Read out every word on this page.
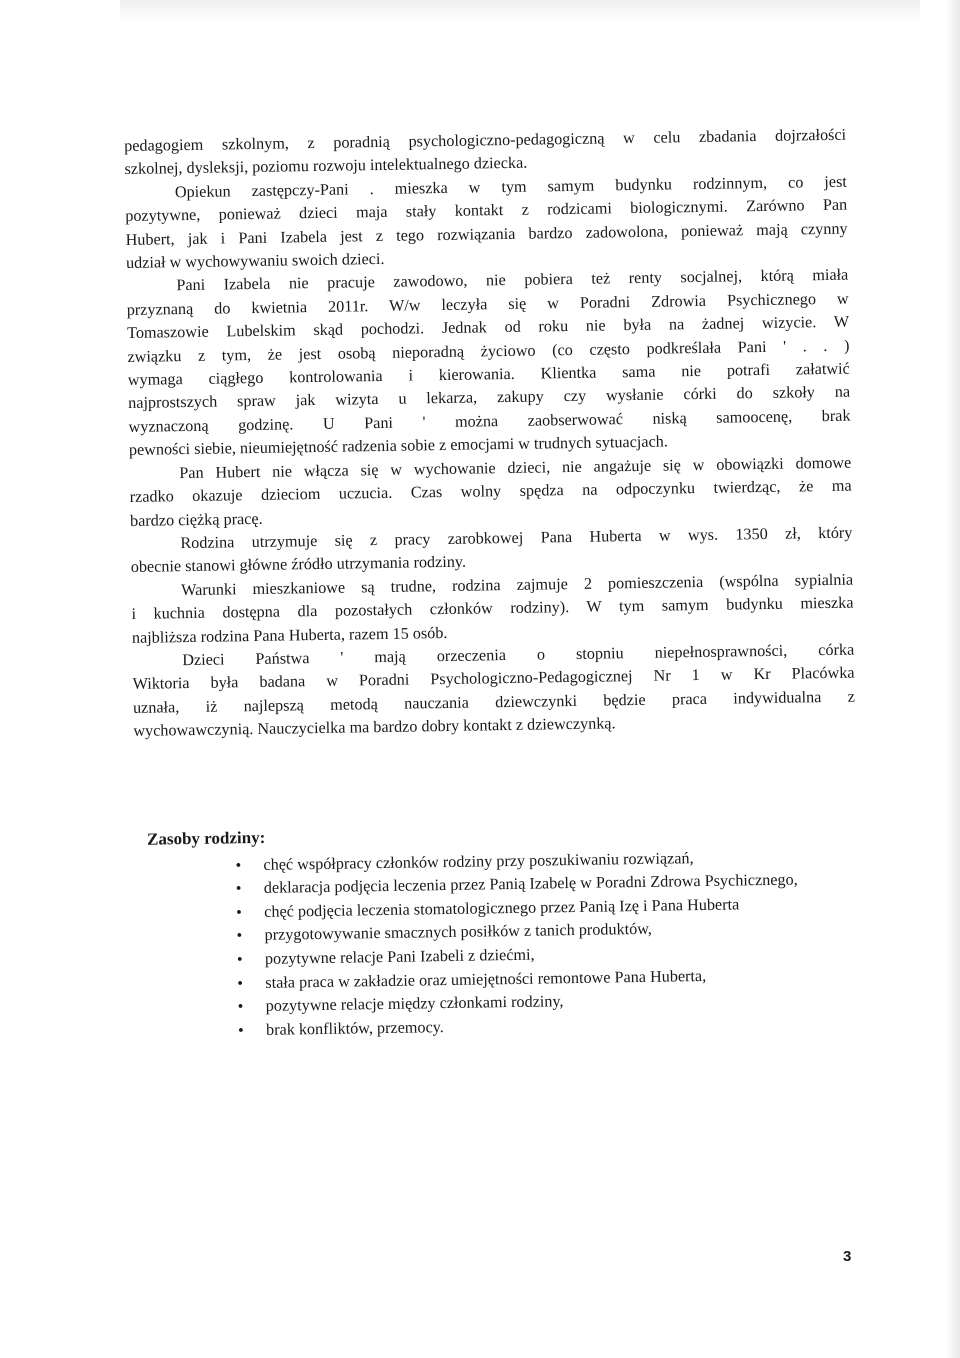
pedagogiem szkolnym, z poradnią psychologiczno-pedagogiczną w celu zbadania dojrzałości
szkolnej, dysleksji, poziomu rozwoju intelektualnego dziecka.
Opiekun zastępczy-Pani . mieszka w tym samym budynku rodzinnym, co jest
pozytywne, ponieważ dzieci maja stały kontakt z rodzicami biologicznymi. Zarówno Pan
Hubert, jak i Pani Izabela jest z tego rozwiązania bardzo zadowolona, ponieważ mają czynny
udział w wychowywaniu swoich dzieci.
Pani Izabela nie pracuje zawodowo, nie pobiera też renty socjalnej, którą miała
przyznaną do kwietnia 2011r. W/w leczyła się w Poradni Zdrowia Psychicznego w
Tomaszowie Lubelskim skąd pochodzi. Jednak od roku nie była na żadnej wizycie. W
związku z tym, że jest osobą nieporadną życiowo (co często podkreślała Pani ' . . )
wymaga ciągłego kontrolowania i kierowania. Klientka sama nie potrafi załatwić
najprostszych spraw jak wizyta u lekarza, zakupy czy wysłanie córki do szkoły na
wyznaczoną godzinę. U Pani ' można zaobserwować niską samoocenę, brak
pewności siebie, nieumiejętność radzenia sobie z emocjami w trudnych sytuacjach.
Pan Hubert nie włącza się w wychowanie dzieci, nie angażuje się w obowiązki domowe
rzadko okazuje dzieciom uczucia. Czas wolny spędza na odpoczynku twierdząc, że ma
bardzo ciężką pracę.
Rodzina utrzymuje się z pracy zarobkowej Pana Huberta w wys. 1350 zł, który
obecnie stanowi główne źródło utrzymania rodziny.
Warunki mieszkaniowe są trudne, rodzina zajmuje 2 pomieszczenia (wspólna sypialnia
i kuchnia dostępna dla pozostałych członków rodziny). W tym samym budynku mieszka
najbliższa rodzina Pana Huberta, razem 15 osób.
Dzieci Państwa ' mają orzeczenia o stopniu niepełnosprawności, córka
Wiktoria była badana w Poradni Psychologiczno-Pedagogicznej Nr 1 w Kr Placówka
uznała, iż najlepszą metodą nauczania dziewczynki będzie praca indywidualna z
wychowawczynią. Nauczycielka ma bardzo dobry kontakt z dziewczynką.
Zasoby rodziny:
• chęć współpracy członków rodziny przy poszukiwaniu rozwiązań,
• deklaracja podjęcia leczenia przez Panią Izabelę w Poradni Zdrowa Psychicznego,
• chęć podjęcia leczenia stomatologicznego przez Panią Izę i Pana Huberta
• przygotowywanie smacznych posiłków z tanich produktów,
• pozytywne relacje Pani Izabeli z dziećmi,
• stała praca w zakładzie oraz umiejętności remontowe Pana Huberta,
• pozytywne relacje między członkami rodziny,
• brak konfliktów, przemocy.
3
